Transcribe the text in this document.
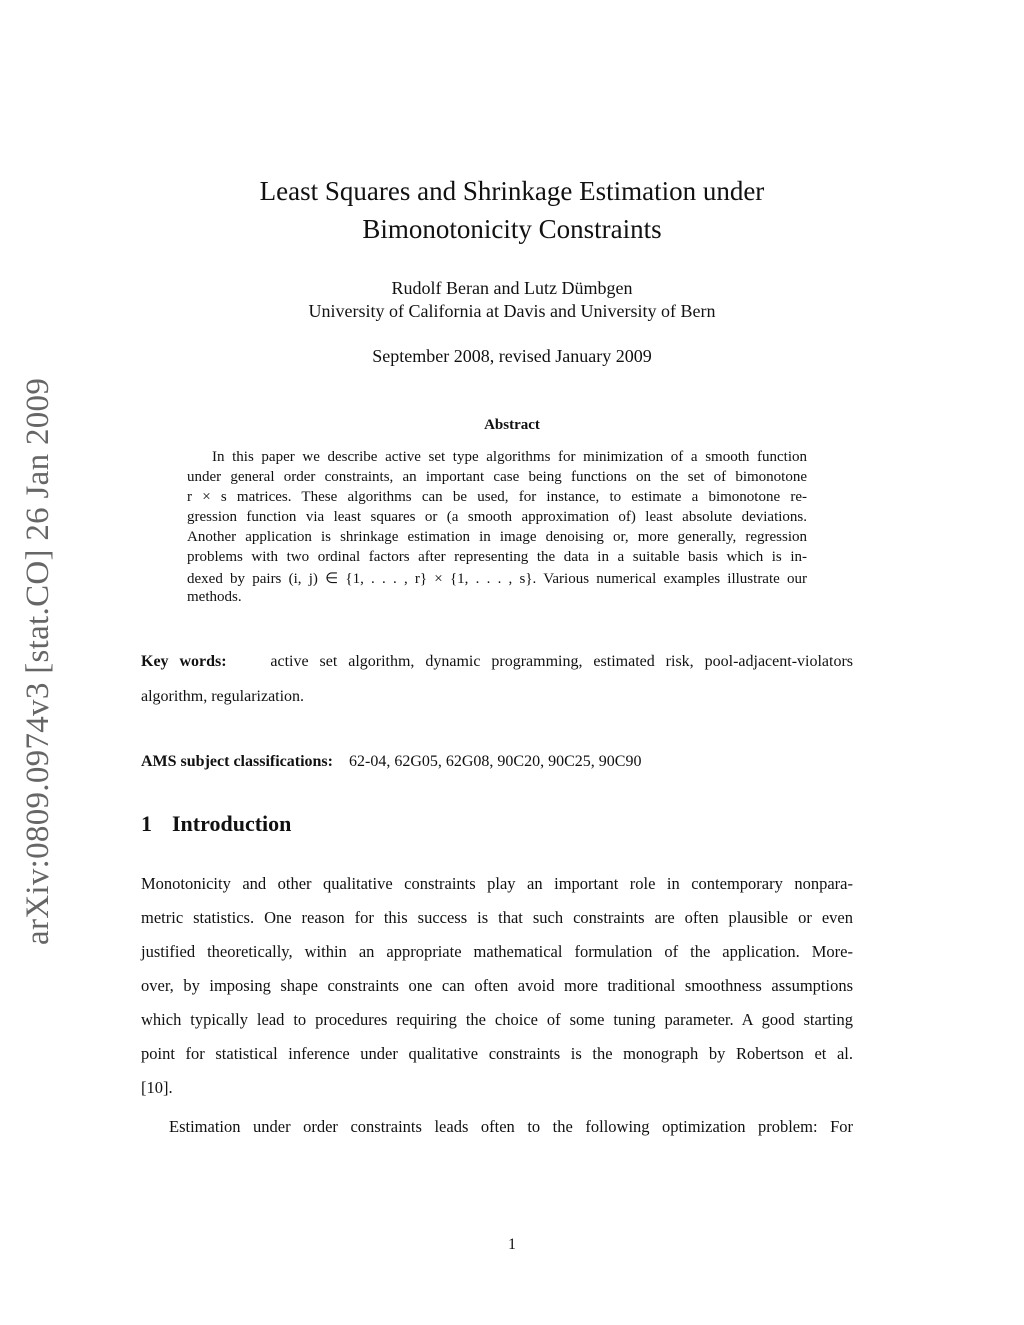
arXiv:0809.0974v3 [stat.CO] 26 Jan 2009
Least Squares and Shrinkage Estimation under
Bimonotonicity Constraints
Rudolf Beran and Lutz Dümbgen
University of California at Davis and University of Bern
September 2008, revised January 2009
Abstract
In this paper we describe active set type algorithms for minimization of a smooth function
under general order constraints, an important case being functions on the set of bimonotone
r × s matrices. These algorithms can be used, for instance, to estimate a bimonotone re-
gression function via least squares or (a smooth approximation of) least absolute deviations.
Another application is shrinkage estimation in image denoising or, more generally, regression
problems with two ordinal factors after representing the data in a suitable basis which is in-
dexed by pairs (i, j) ∈ {1, . . . , r} × {1, . . . , s}. Various numerical examples illustrate our
methods.
Key words:	active set algorithm, dynamic programming, estimated risk, pool-adjacent-violators
algorithm, regularization.
AMS subject classifications: 62-04, 62G05, 62G08, 90C20, 90C25, 90C90
1 Introduction
Monotonicity and other qualitative constraints play an important role in contemporary nonpara-
metric statistics. One reason for this success is that such constraints are often plausible or even
justified theoretically, within an appropriate mathematical formulation of the application. More-
over, by imposing shape constraints one can often avoid more traditional smoothness assumptions
which typically lead to procedures requiring the choice of some tuning parameter. A good starting
point for statistical inference under qualitative constraints is the monograph by Robertson et al.
[10].
Estimation under order constraints leads often to the following optimization problem: For
1
